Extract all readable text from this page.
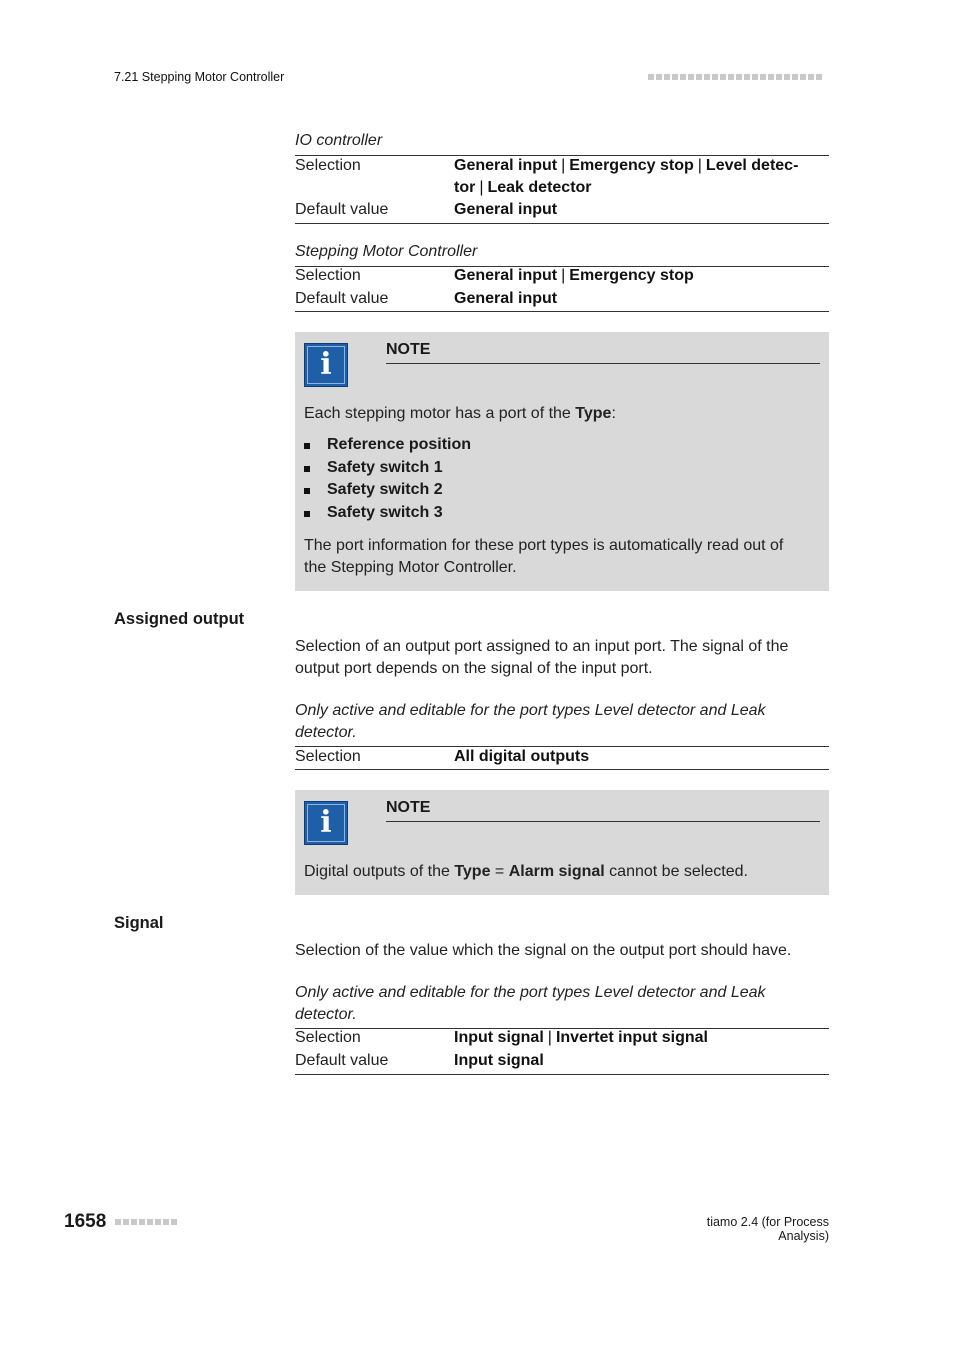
7.21 Stepping Motor Controller
IO controller
Selection	General input | Emergency stop | Level detec-
tor | Leak detector
Default value	General input
Stepping Motor Controller
Selection	General input | Emergency stop
Default value	General input
i	NOTE
Each stepping motor has a port of the Type:
Reference position
Safety switch 1
Safety switch 2
Safety switch 3
The port information for these port types is automatically read out of
the Stepping Motor Controller.
Assigned output
Selection of an output port assigned to an input port. The signal of the
output port depends on the signal of the input port.
Only active and editable for the port types Level detector and Leak
detector.
Selection	All digital outputs
i	NOTE
Digital outputs of the Type = Alarm signal cannot be selected.
Signal
Selection of the value which the signal on the output port should have.
Only active and editable for the port types Level detector and Leak
detector.
Selection	Input signal | Invertet input signal
Default value	Input signal
1658	tiamo 2.4 (for Process Analysis)
